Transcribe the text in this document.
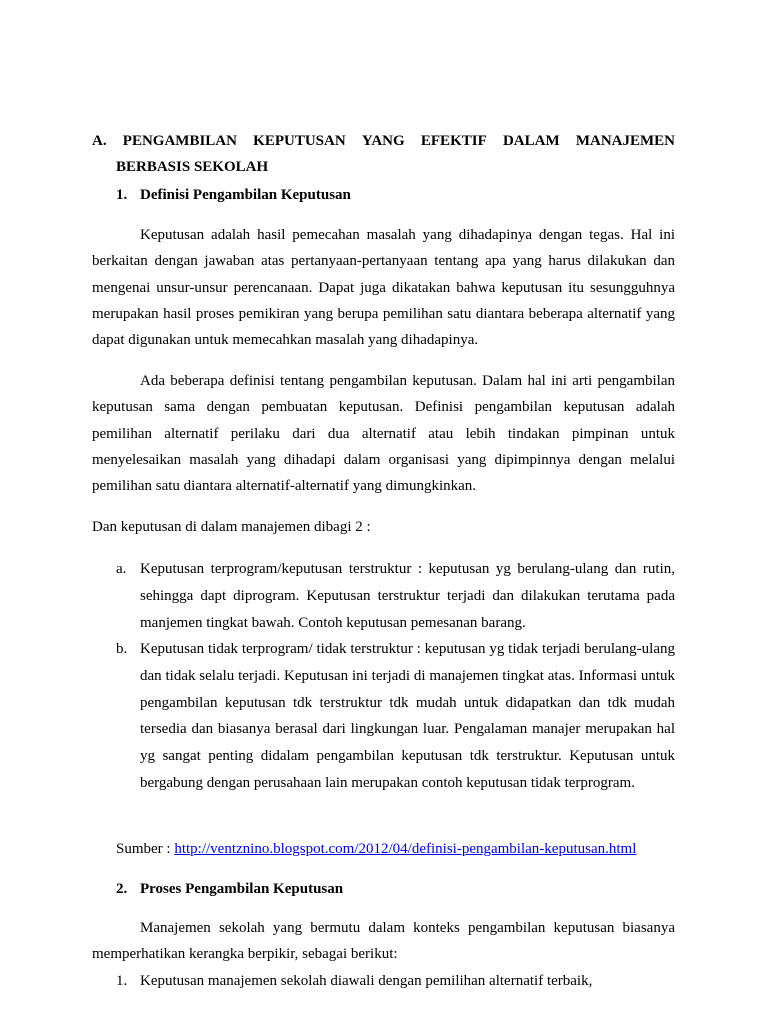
A. PENGAMBILAN KEPUTUSAN YANG EFEKTIF DALAM MANAJEMEN
BERBASIS SEKOLAH
1. Definisi Pengambilan Keputusan
Keputusan adalah hasil pemecahan masalah yang dihadapinya dengan tegas. Hal ini berkaitan dengan jawaban atas pertanyaan-pertanyaan tentang apa yang harus dilakukan dan mengenai unsur-unsur perencanaan. Dapat juga dikatakan bahwa keputusan itu sesungguhnya merupakan hasil proses pemikiran yang berupa pemilihan satu diantara beberapa alternatif yang dapat digunakan untuk memecahkan masalah yang dihadapinya.
Ada beberapa definisi tentang pengambilan keputusan. Dalam hal ini arti pengambilan keputusan sama dengan pembuatan keputusan. Definisi pengambilan keputusan adalah pemilihan alternatif perilaku dari dua alternatif atau lebih tindakan pimpinan untuk menyelesaikan masalah yang dihadapi dalam organisasi yang dipimpinnya dengan melalui pemilihan satu diantara alternatif-alternatif yang dimungkinkan.
Dan keputusan di dalam manajemen dibagi 2 :
a. Keputusan terprogram/keputusan terstruktur : keputusan yg berulang-ulang dan rutin, sehingga dapt diprogram. Keputusan terstruktur terjadi dan dilakukan terutama pada manjemen tingkat bawah. Contoh keputusan pemesanan barang.
b. Keputusan tidak terprogram/ tidak terstruktur : keputusan yg tidak terjadi berulang-ulang dan tidak selalu terjadi. Keputusan ini terjadi di manajemen tingkat atas. Informasi untuk pengambilan keputusan tdk terstruktur tdk mudah untuk didapatkan dan tdk mudah tersedia dan biasanya berasal dari lingkungan luar. Pengalaman manajer merupakan hal yg sangat penting didalam pengambilan keputusan tdk terstruktur. Keputusan untuk bergabung dengan perusahaan lain merupakan contoh keputusan tidak terprogram.
Sumber : http://ventznino.blogspot.com/2012/04/definisi-pengambilan-keputusan.html
2. Proses Pengambilan Keputusan
Manajemen sekolah yang bermutu dalam konteks pengambilan keputusan biasanya memperhatikan kerangka berpikir, sebagai berikut:
1. Keputusan manajemen sekolah diawali dengan pemilihan alternatif terbaik,
